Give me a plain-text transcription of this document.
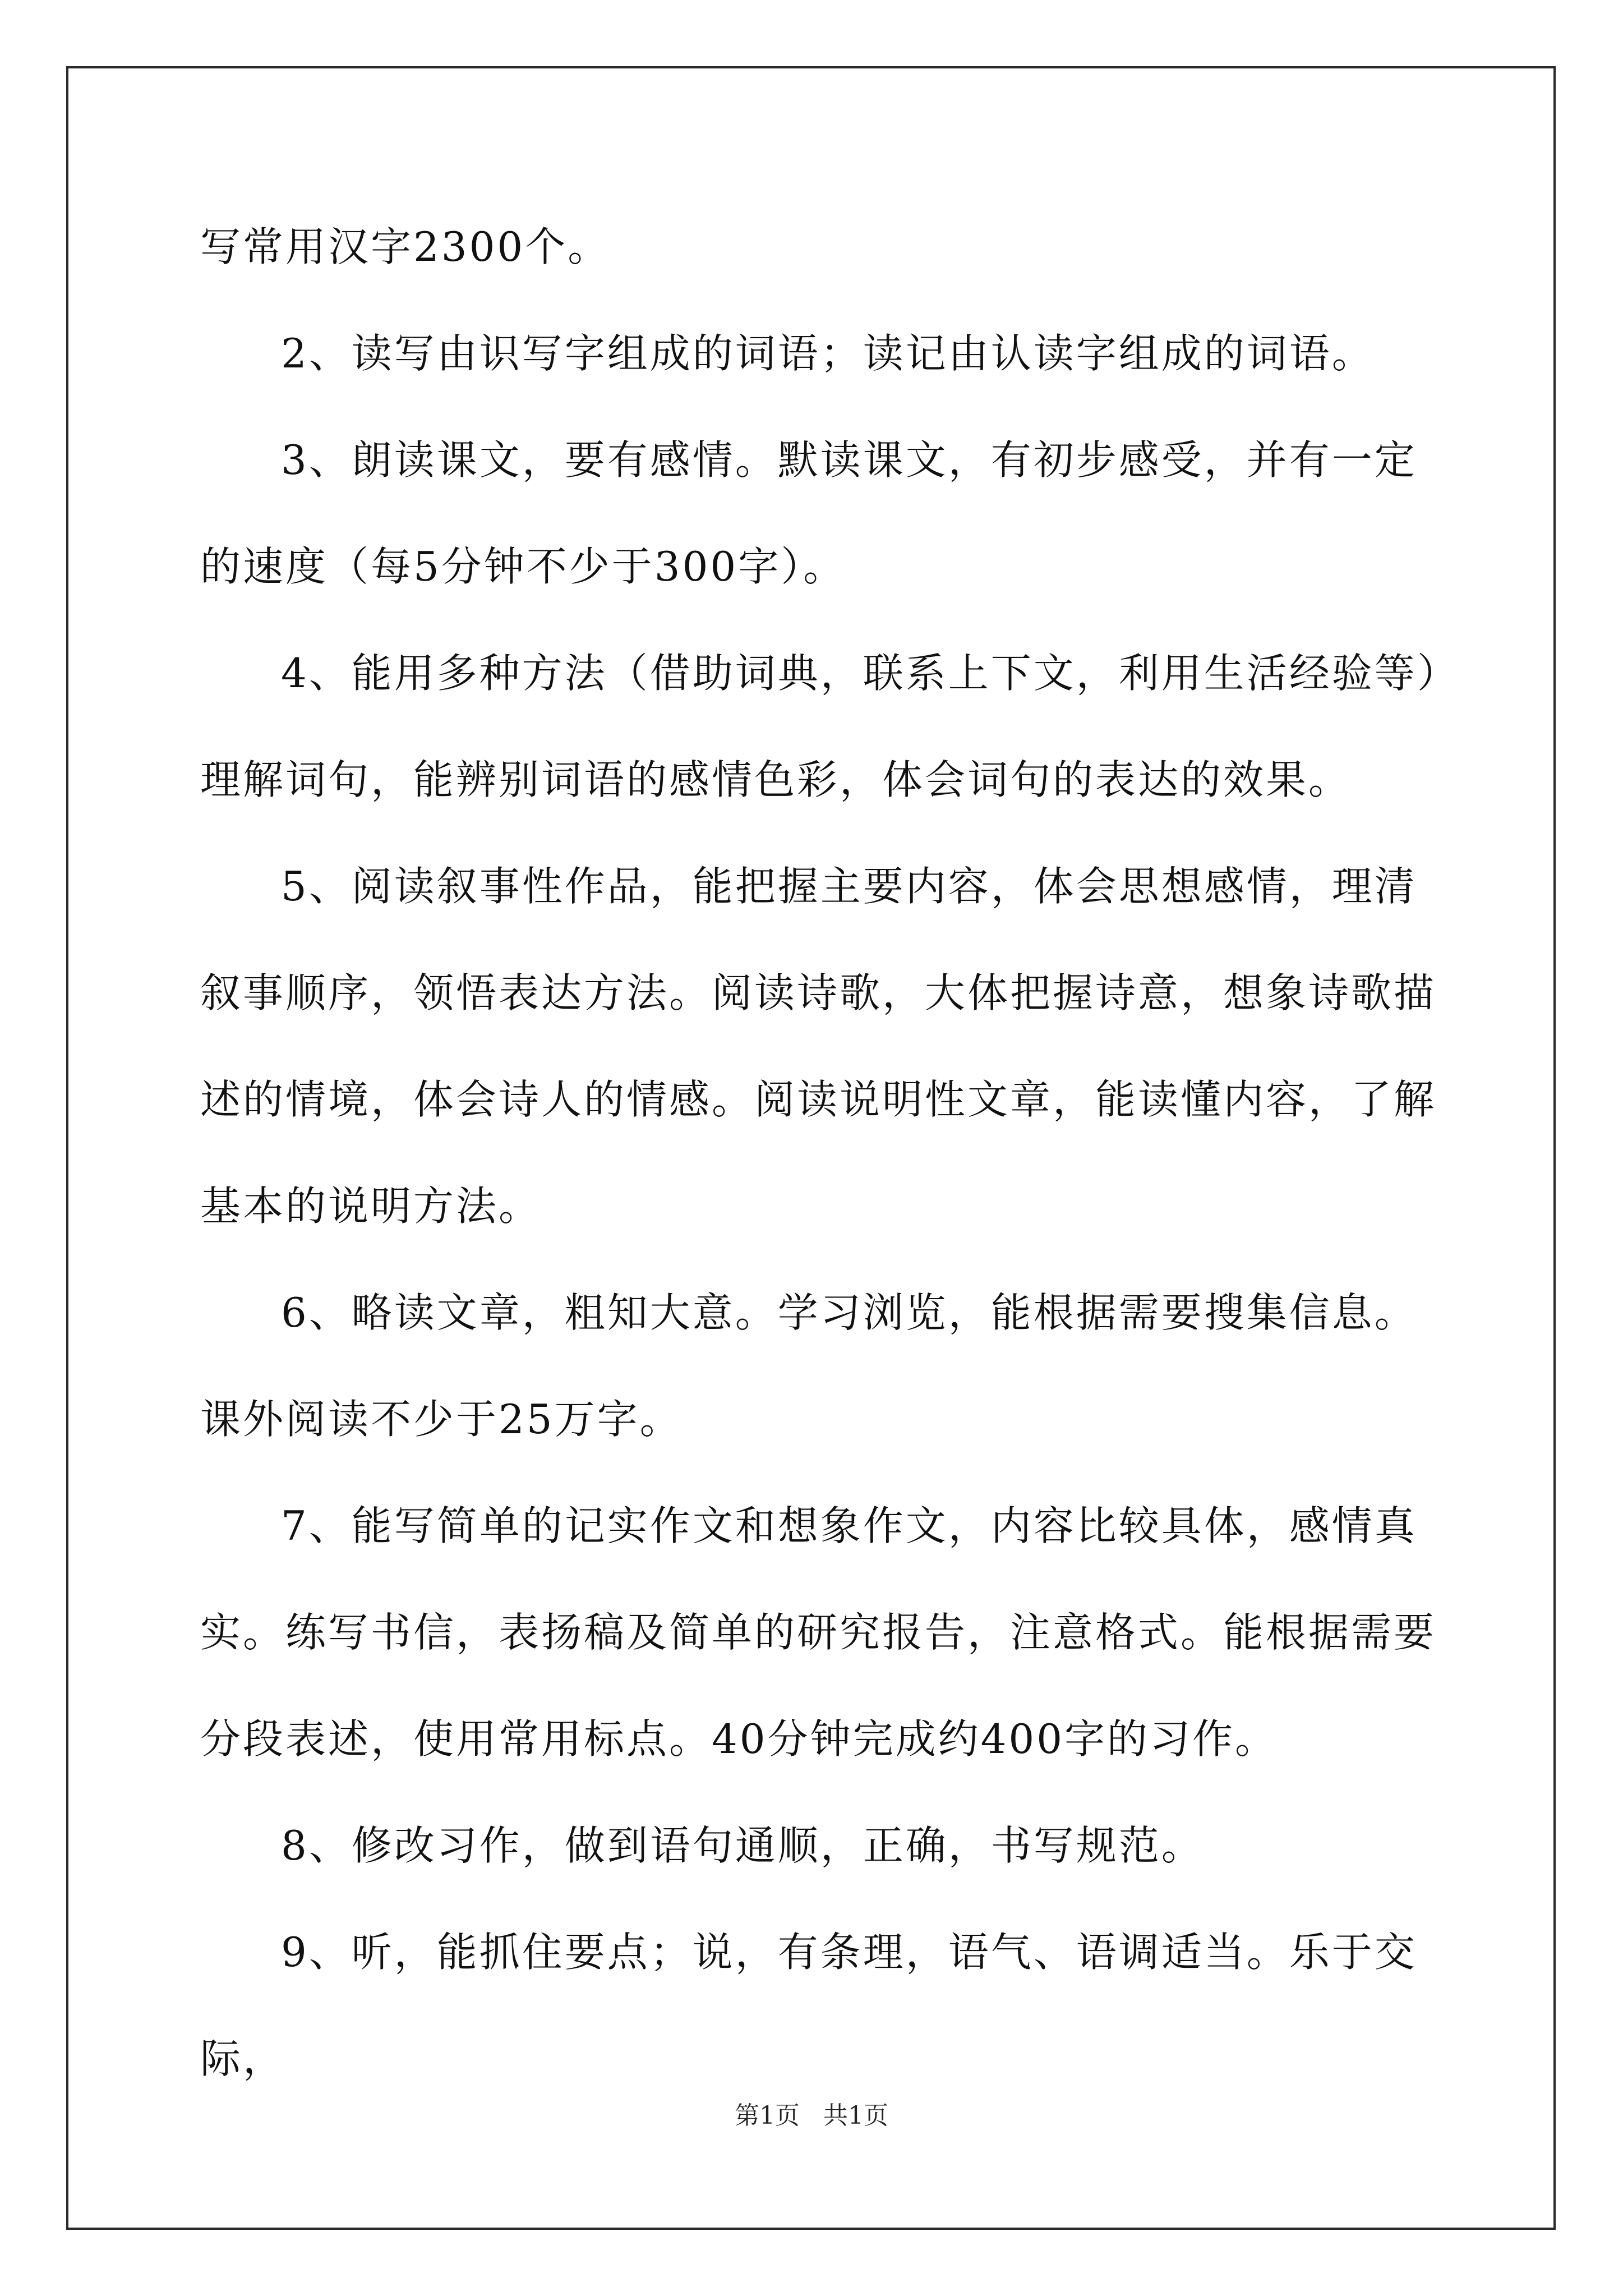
写常用汉字2300个。

2、读写由识写字组成的词语；读记由认读字组成的词语。

3、朗读课文，要有感情。默读课文，有初步感受，并有一定的速度（每5分钟不少于300字）。

4、能用多种方法（借助词典，联系上下文，利用生活经验等）理解词句，能辨别词语的感情色彩，体会词句的表达的效果。

5、阅读叙事性作品，能把握主要内容，体会思想感情，理清叙事顺序，领悟表达方法。阅读诗歌，大体把握诗意，想象诗歌描述的情境，体会诗人的情感。阅读说明性文章，能读懂内容，了解基本的说明方法。

6、略读文章，粗知大意。学习浏览，能根据需要搜集信息。课外阅读不少于25万字。

7、能写简单的记实作文和想象作文，内容比较具体，感情真实。练写书信，表扬稿及简单的研究报告，注意格式。能根据需要分段表述，使用常用标点。40分钟完成约400字的习作。

8、修改习作，做到语句通顺，正确，书写规范。

9、听，能抓住要点；说，有条理，语气、语调适当。乐于交际，

第1页   共1页
